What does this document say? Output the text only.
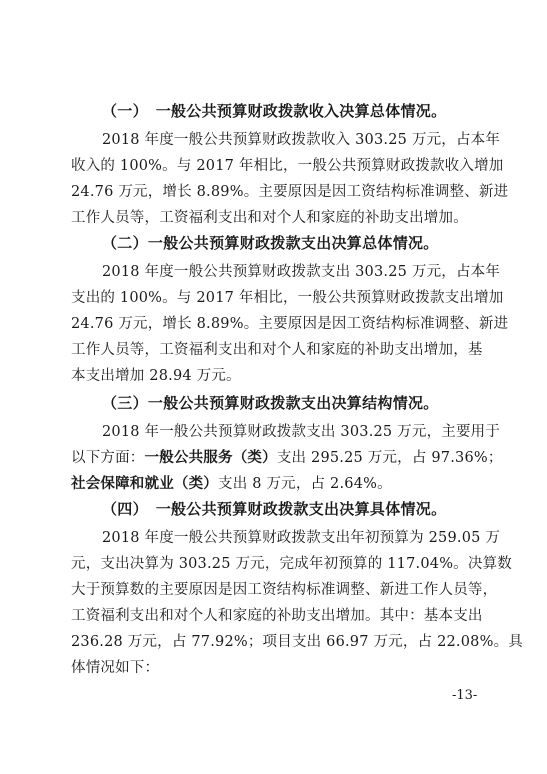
（一）　一般公共预算财政拨款收入决算总体情况。
2018 年度一般公共预算财政拨款收入 303.25 万元，占本年
收入的 100%。与 2017 年相比，一般公共预算财政拨款收入增加
24.76 万元，增长 8.89%。主要原因是因工资结构标准调整、新进
工作人员等，工资福利支出和对个人和家庭的补助支出增加。
（二）一般公共预算财政拨款支出决算总体情况。
2018 年度一般公共预算财政拨款支出 303.25 万元，占本年
支出的 100%。与 2017 年相比，一般公共预算财政拨款支出增加
24.76 万元，增长 8.89%。主要原因是因工资结构标准调整、新进
工作人员等，工资福利支出和对个人和家庭的补助支出增加，基
本支出增加 28.94 万元。
（三）一般公共预算财政拨款支出决算结构情况。
2018 年一般公共预算财政拨款支出 303.25 万元，主要用于
以下方面：一般公共服务（类）支出 295.25 万元，占 97.36%；
社会保障和就业（类）支出 8 万元，占 2.64%。
（四）　一般公共预算财政拨款支出决算具体情况。
2018 年度一般公共预算财政拨款支出年初预算为 259.05 万
元，支出决算为 303.25 万元，完成年初预算的 117.04%。决算数
大于预算数的主要原因是因工资结构标准调整、新进工作人员等，
工资福利支出和对个人和家庭的补助支出增加。其中：基本支出
236.28 万元，占 77.92%；项目支出 66.97 万元，占 22.08%。具
体情况如下：
-13-
